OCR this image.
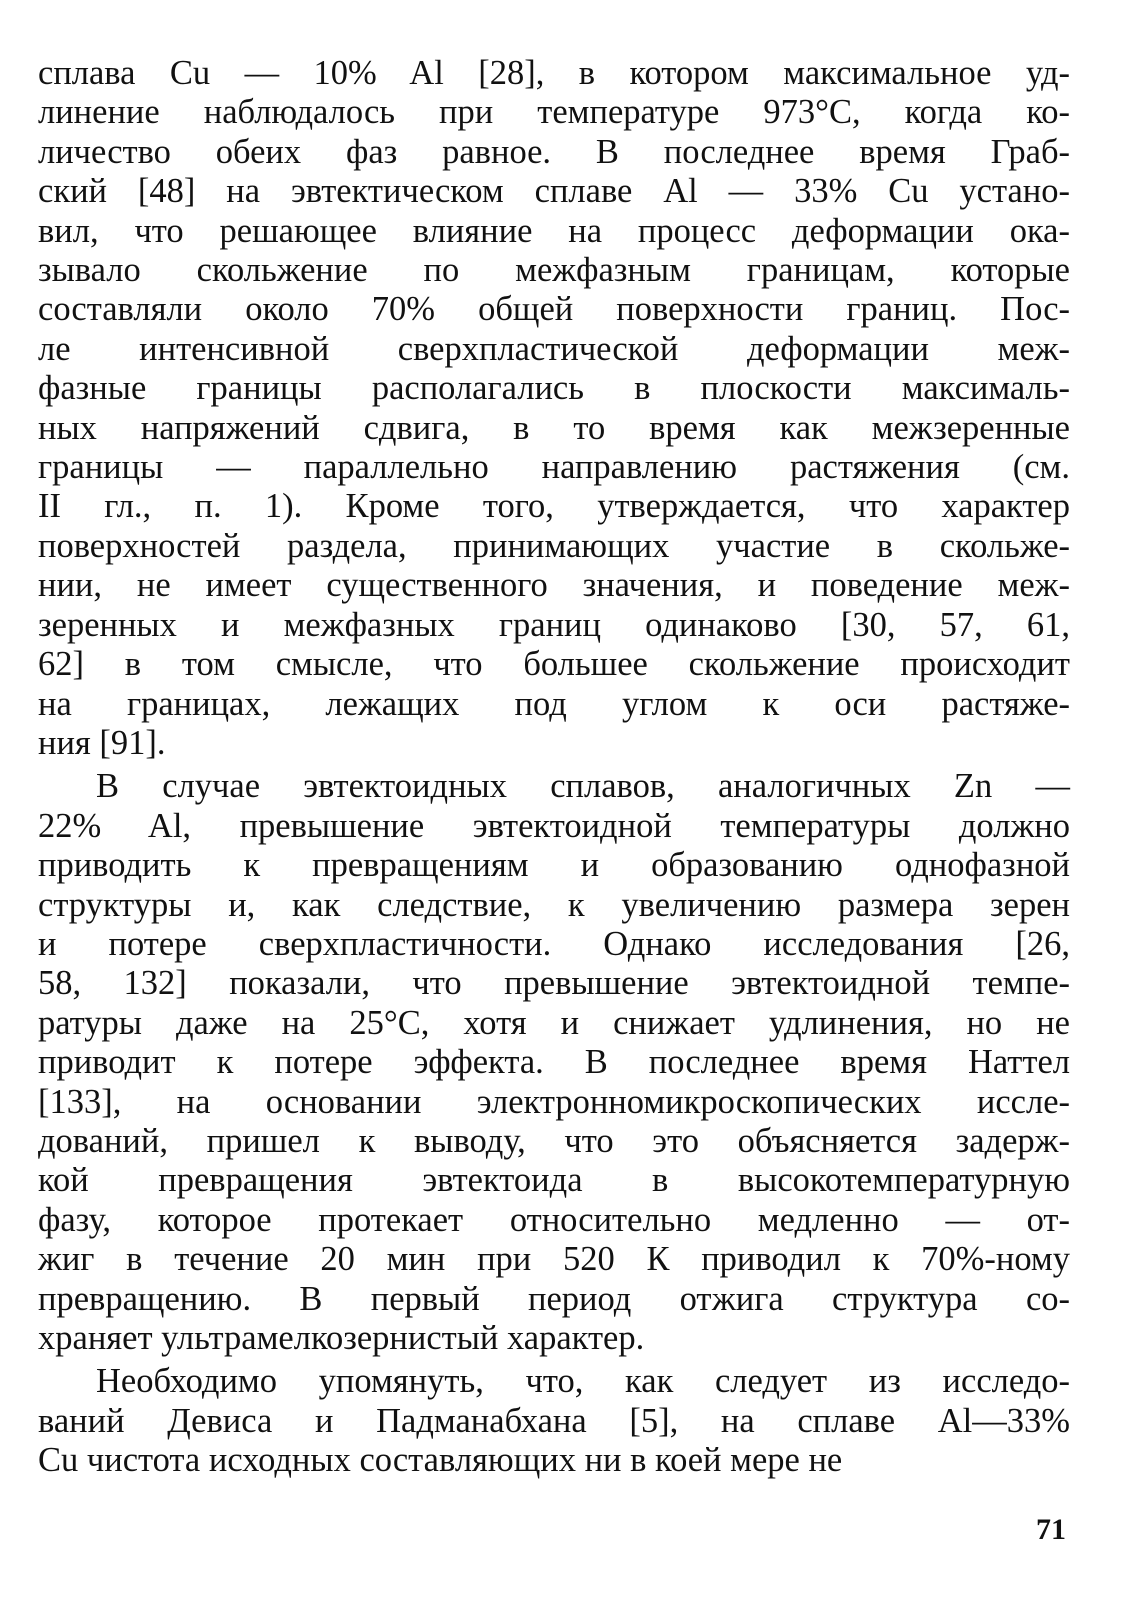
сплава Cu — 10% Al [28], в котором максимальное уд-
линение наблюдалось при температуре 973°С, когда ко-
личество обеих фаз равное. В последнее время Граб-
ский [48] на эвтектическом сплаве Al — 33% Cu устано-
вил, что решающее влияние на процесс деформации ока-
зывало скольжение по межфазным границам, которые
составляли около 70% общей поверхности границ. Пос-
ле интенсивной сверхпластической деформации меж-
фазные границы располагались в плоскости максималь-
ных напряжений сдвига, в то время как межзеренные
границы — параллельно направлению растяжения (см.
II гл., п. 1). Кроме того, утверждается, что характер
поверхностей раздела, принимающих участие в скольже-
нии, не имеет существенного значения, и поведение меж-
зеренных и межфазных границ одинаково [30, 57, 61,
62] в том смысле, что большее скольжение происходит
на границах, лежащих под углом к оси растяже-
ния [91].
В случае эвтектоидных сплавов, аналогичных Zn —
22% Al, превышение эвтектоидной температуры должно
приводить к превращениям и образованию однофазной
структуры и, как следствие, к увеличению размера зерен
и потере сверхпластичности. Однако исследования [26,
58, 132] показали, что превышение эвтектоидной темпе-
ратуры даже на 25°С, хотя и снижает удлинения, но не
приводит к потере эффекта. В последнее время Наттел
[133], на основании электронномикроскопических иссле-
дований, пришел к выводу, что это объясняется задерж-
кой превращения эвтектоида в высокотемпературную
фазу, которое протекает относительно медленно — от-
жиг в течение 20 мин при 520 К приводил к 70%-ному
превращению. В первый период отжига структура со-
храняет ультрамелкозернистый характер.
Необходимо упомянуть, что, как следует из исследо-
ваний Девиса и Падманабхана [5], на сплаве Al—33%
Cu чистота исходных составляющих ни в коей мере не
71
